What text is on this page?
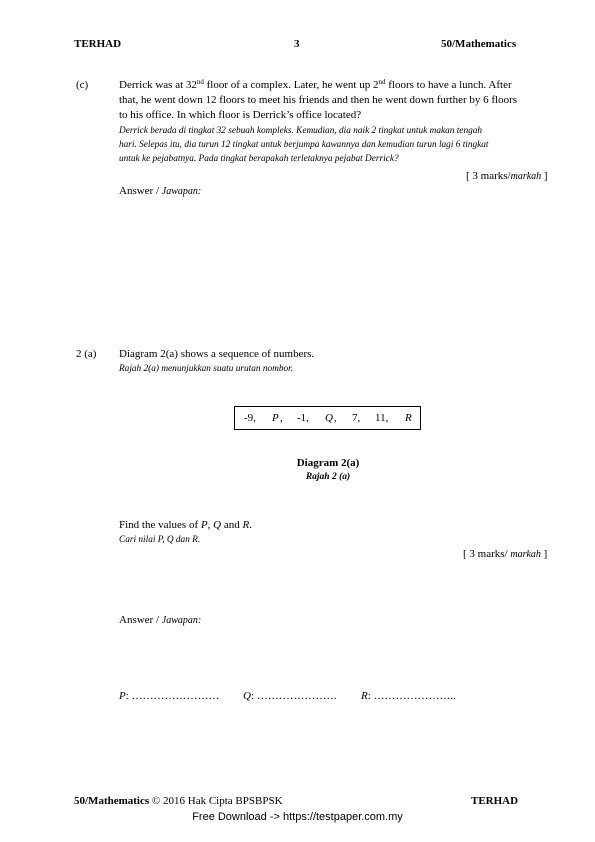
TERHAD	3	50/Mathematics
(c)	Derrick was at 32nd floor of a complex. Later, he went up 2nd floors to have a lunch. After
that, he went down 12 floors to meet his friends and then he went down further by 6 floors
to his office. In which floor is Derrick’s office located?
Derrick berada di tingkat 32 sebuah kompleks. Kemudian, dia naik 2 tingkat untuk makan tengah
hari. Selepas itu, dia turun 12 tingkat untuk berjumpa kawannya dan kemudian turun lagi 6 tingkat
untuk ke pejabatnya. Pada tingkat berapakah terletaknya pejabat Derrick?
[ 3 marks/markah ]
Answer / Jawapan:
2 (a) Diagram 2(a) shows a sequence of numbers.
Rajah 2(a) menunjukkan suatu urutan nombor.
-9, P , -1, Q , 7, 11, R
Diagram 2(a)
Rajah 2 (a)
Find the values of P, Q and R.
Cari nilai P, Q dan R.
[ 3 marks/ markah ]
Answer / Jawapan:
P: …………………… Q: …………………. R: …………………..
50/Mathematics © 2016 Hak Cipta BPSBPSK	TERHAD
Free Download -> https://testpaper.com.my
